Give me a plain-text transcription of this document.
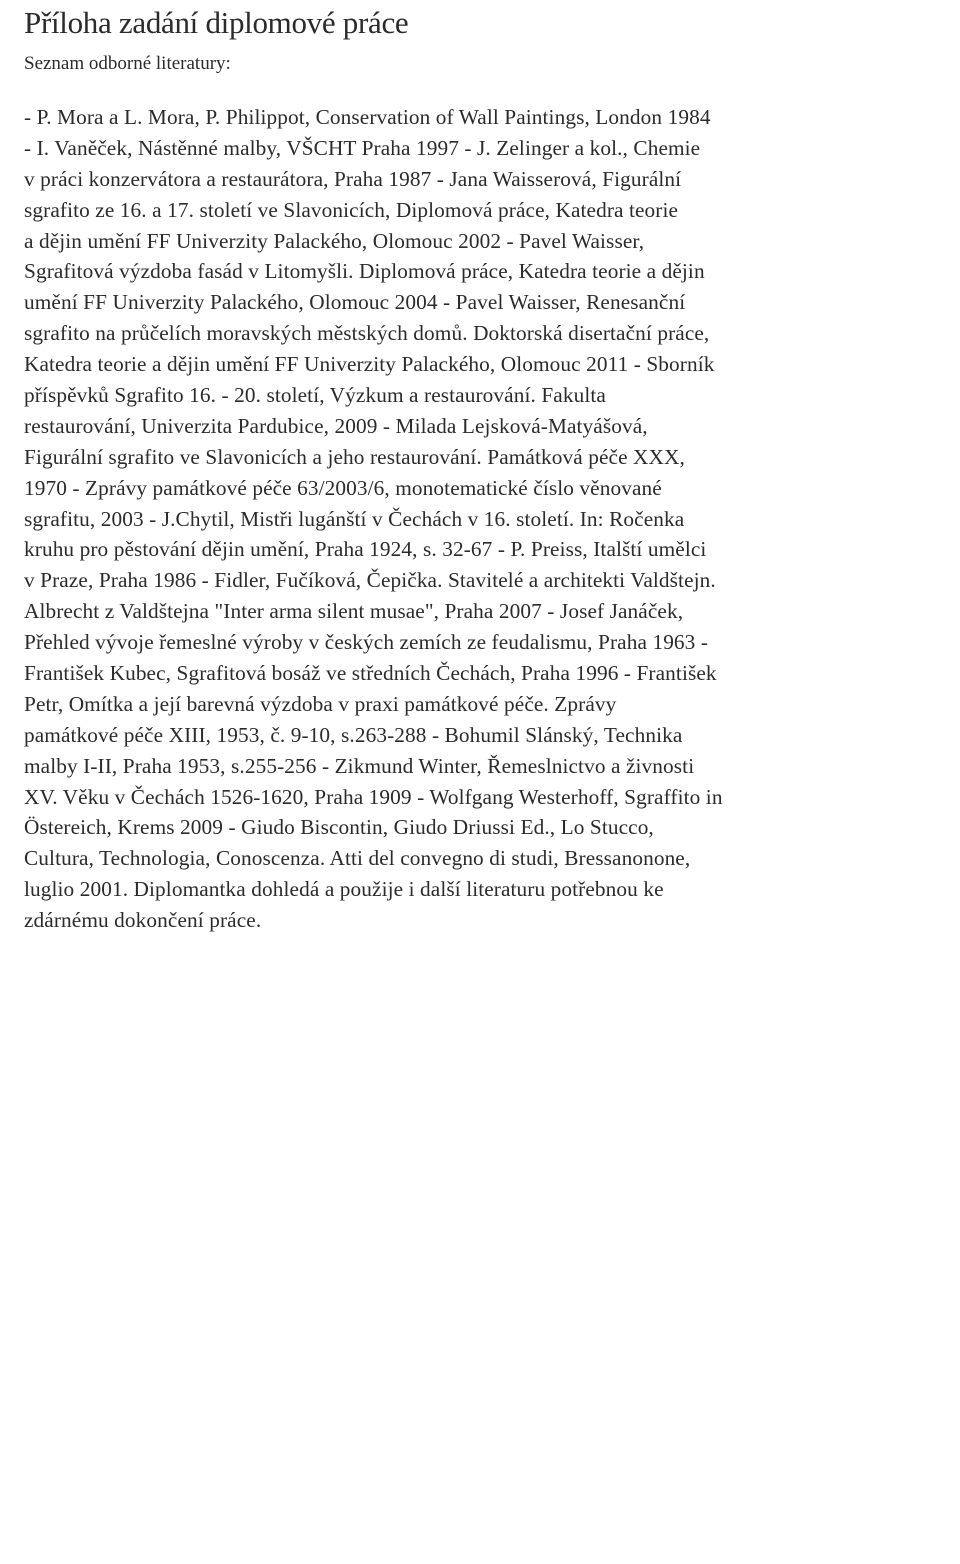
Příloha zadání diplomové práce

Seznam odborné literatury:

- P. Mora a L. Mora, P. Philippot, Conservation of Wall Paintings, London 1984
- I. Vaněček, Nástěnné malby, VŠCHT Praha 1997 - J. Zelinger a kol., Chemie
v práci konzervátora a restaurátora, Praha 1987 - Jana Waisserová, Figurální
sgrafito ze 16. a 17. století ve Slavonicích, Diplomová práce, Katedra teorie
a dějin umění FF Univerzity Palackého, Olomouc 2002 - Pavel Waisser,
Sgrafitová výzdoba fasád v Litomyšli. Diplomová práce, Katedra teorie a dějin
umění FF Univerzity Palackého, Olomouc 2004 - Pavel Waisser, Renesanční
sgrafito na průčelích moravských městských domů. Doktorská disertační práce,
Katedra teorie a dějin umění FF Univerzity Palackého, Olomouc 2011 - Sborník
příspěvků Sgrafito 16. - 20. století, Výzkum a restaurování. Fakulta
restaurování, Univerzita Pardubice, 2009 - Milada Lejsková-Matyášová,
Figurální sgrafito ve Slavonicích a jeho restaurování. Památková péče XXX,
1970 - Zprávy památkové péče 63/2003/6, monotematické číslo věnované
sgrafitu, 2003 - J.Chytil, Mistři lugánští v Čechách v 16. století. In: Ročenka
kruhu pro pěstování dějin umění, Praha 1924, s. 32-67 - P. Preiss, Italští umělci
v Praze, Praha 1986 - Fidler, Fučíková, Čepička. Stavitelé a architekti Valdštejn.
Albrecht z Valdštejna "Inter arma silent musae", Praha 2007 - Josef Janáček,
Přehled vývoje řemeslné výroby v českých zemích ze feudalismu, Praha 1963 -
František Kubec, Sgrafitová bosáž ve středních Čechách, Praha 1996 - František
Petr, Omítka a její barevná výzdoba v praxi památkové péče. Zprávy
památkové péče XIII, 1953, č. 9-10, s.263-288 - Bohumil Slánský, Technika
malby I-II, Praha 1953, s.255-256 - Zikmund Winter, Řemeslnictvo a živnosti
XV. Věku v Čechách 1526-1620, Praha 1909 - Wolfgang Westerhoff, Sgraffito in
Östereich, Krems 2009 - Giudo Biscontin, Giudo Driussi Ed., Lo Stucco,
Cultura, Technologia, Conoscenza. Atti del convegno di studi, Bressanonone,
luglio 2001. Diplomantka dohledá a použije i další literaturu potřebnou ke
zdárnému dokončení práce.
